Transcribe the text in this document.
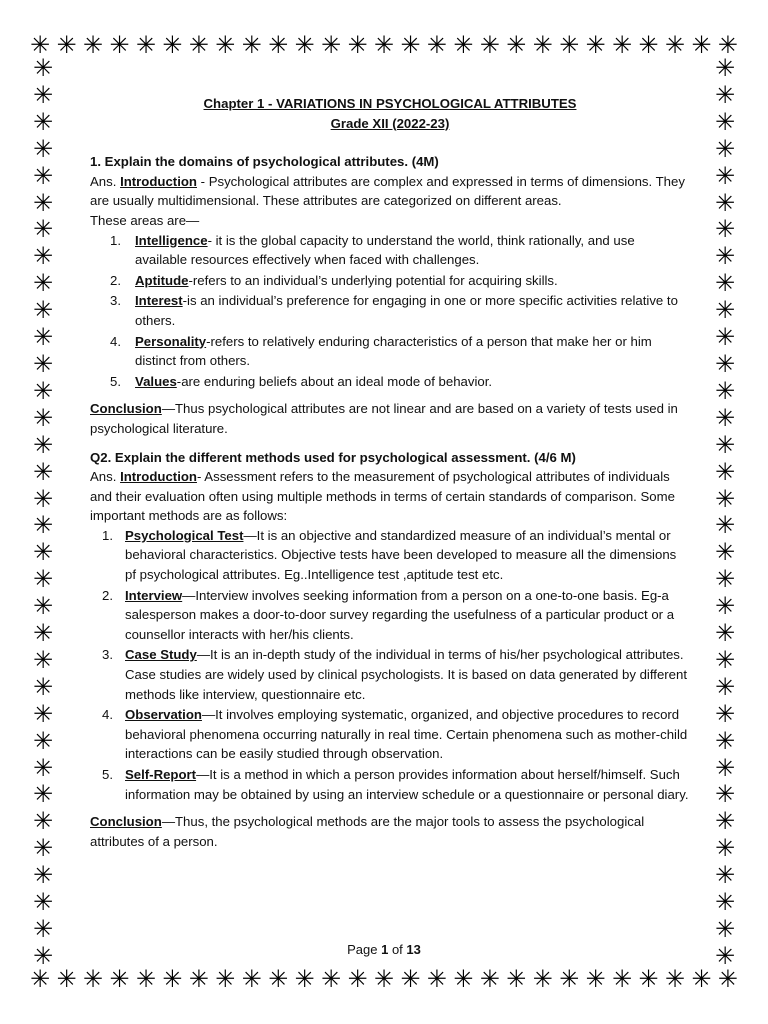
✳ ✳ ✳ ✳ ✳ ✳ ✳ ✳ ✳ ✳ ✳ ✳ ✳ ✳ ✳ ✳ ✳ ✳ ✳ ✳ ✳ ✳ ✳ ✳ ✳ ✳ ✳
✳ ✳ ✳ ✳ ✳ ✳ ✳ ✳ ✳ ✳ ✳ ✳ ✳ ✳ ✳ ✳ ✳ ✳ ✳ ✳ ✳ ✳ ✳ ✳ ✳ ✳ ✳
✳
✳
✳
✳
✳
✳
✳
✳
✳
✳
✳
✳
✳
✳
✳
✳
✳
✳
✳
✳
✳
✳
✳
✳
✳
✳
✳
✳
✳
✳
✳
✳
✳
✳
✳
✳
✳
✳
✳
✳
✳
✳
✳
✳
✳
✳
✳
✳
✳
✳
✳
✳
✳
✳
✳
✳
✳
✳
✳
✳
✳
✳
✳
✳
✳
✳
✳
✳
Chapter 1 - VARIATIONS IN PSYCHOLOGICAL ATTRIBUTES
Grade XII (2022-23)
1. Explain the domains of psychological attributes. (4M)
Ans. Introduction - Psychological attributes are complex and expressed in terms of dimensions. They are usually multidimensional. These attributes are categorized on different areas.
These areas are—
1. Intelligence- it is the global capacity to understand the world, think rationally, and use available resources effectively when faced with challenges.
2. Aptitude-refers to an individual’s underlying potential for acquiring skills.
3. Interest-is an individual’s preference for engaging in one or more specific activities relative to others.
4. Personality-refers to relatively enduring characteristics of a person that make her or him distinct from others.
5. Values-are enduring beliefs about an ideal mode of behavior.
Conclusion—Thus psychological attributes are not linear and are based on a variety of tests used in psychological literature.
Q2. Explain the different methods used for psychological assessment. (4/6 M)
Ans. Introduction- Assessment refers to the measurement of psychological attributes of individuals and their evaluation often using multiple methods in terms of certain standards of comparison. Some important methods are as follows:
1. Psychological Test—It is an objective and standardized measure of an individual’s mental or behavioral characteristics. Objective tests have been developed to measure all the dimensions pf psychological attributes. Eg..Intelligence test ,aptitude test etc.
2. Interview—Interview involves seeking information from a person on a one-to-one basis. Eg-a salesperson makes a door-to-door survey regarding the usefulness of a particular product or a counsellor interacts with her/his clients.
3. Case Study—It is an in-depth study of the individual in terms of his/her psychological attributes. Case studies are widely used by clinical psychologists. It is based on data generated by different methods like interview, questionnaire etc.
4. Observation—It involves employing systematic, organized, and objective procedures to record behavioral phenomena occurring naturally in real time. Certain phenomena such as mother-child interactions can be easily studied through observation.
5. Self-Report—It is a method in which a person provides information about herself/himself. Such information may be obtained by using an interview schedule or a questionnaire or personal diary.
Conclusion—Thus, the psychological methods are the major tools to assess the psychological attributes of a person.
Page 1 of 13
